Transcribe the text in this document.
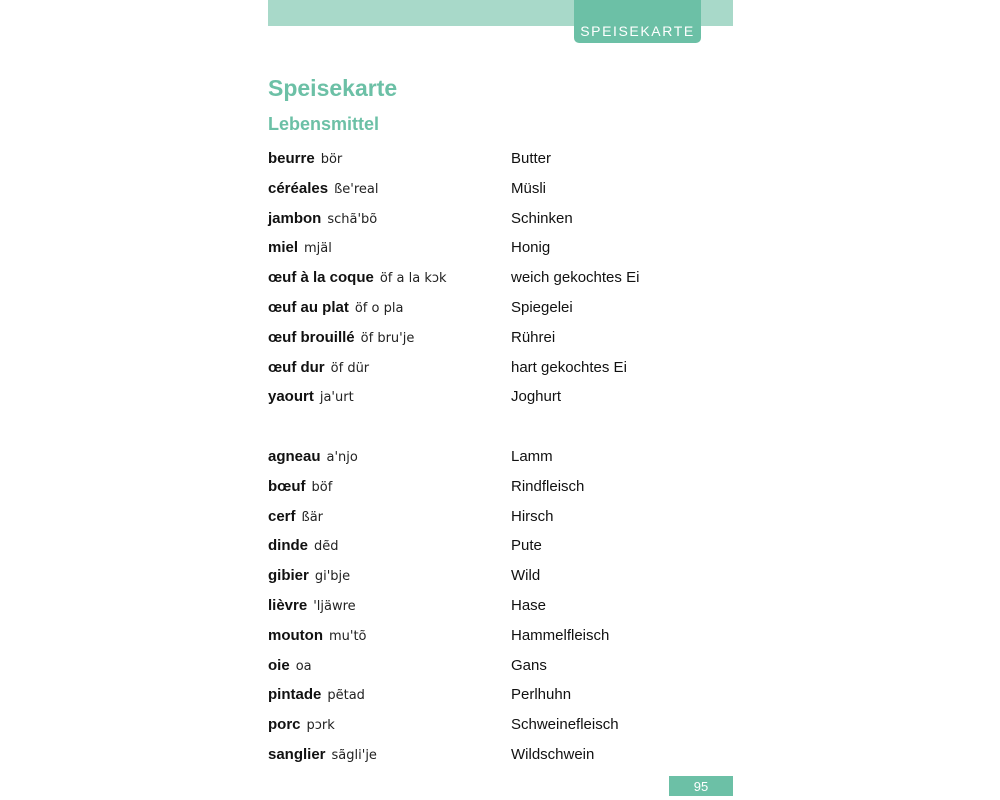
SPEISEKARTE
Speisekarte
Lebensmittel
beurre bör	Butter
céréales ße'real	Müsli
jambon schã'bõ	Schinken
miel mjäl	Honig
œuf à la coque öf a la kɔk	weich gekochtes Ei
œuf au plat öf o pla	Spiegelei
œuf brouillé öf bru'je	Rührei
œuf dur öf dür	hart gekochtes Ei
yaourt ja'urt	Joghurt
agneau a'njo	Lamm
bœuf böf	Rindfleisch
cerf ßär	Hirsch
dinde dẽd	Pute
gibier gi'bje	Wild
lièvre 'ljäwre	Hase
mouton mu'tõ	Hammelfleisch
oie oa	Gans
pintade pẽtad	Perlhuhn
porc pɔrk	Schweinefleisch
sanglier sãgli'je	Wildschwein
95
